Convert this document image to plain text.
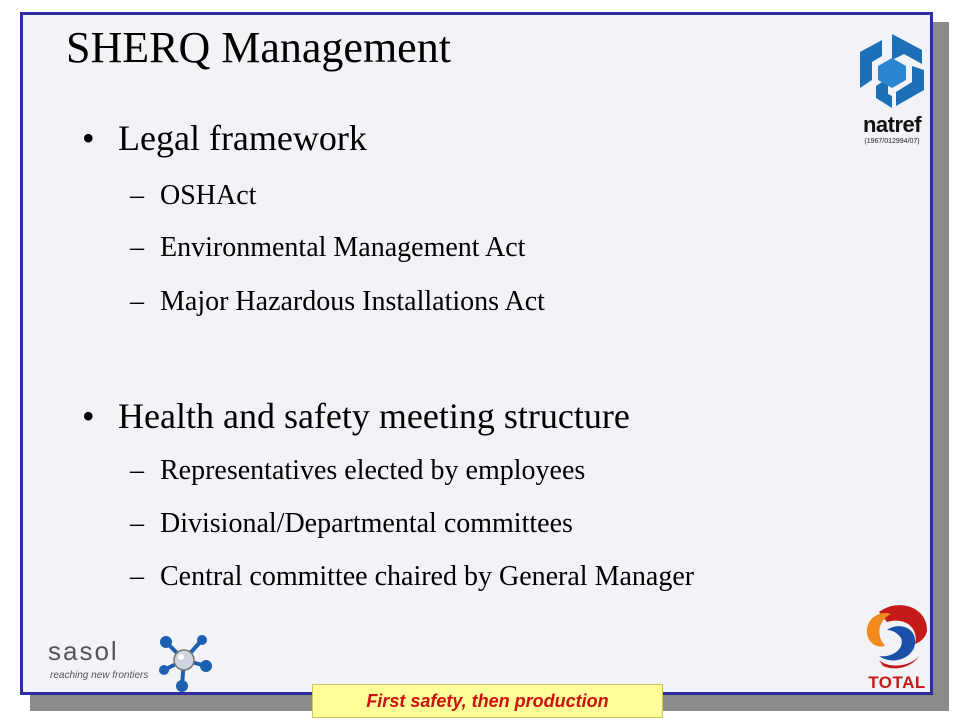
SHERQ Management
natref
(1967/012994/07)
• Legal framework
– OSHAct
– Environmental Management Act
– Major Hazardous Installations Act
• Health and safety meeting structure
– Representatives elected by employees
– Divisional/Departmental committees
– Central committee chaired by General Manager
sasol
reaching new frontiers
First safety, then production
TOTAL
